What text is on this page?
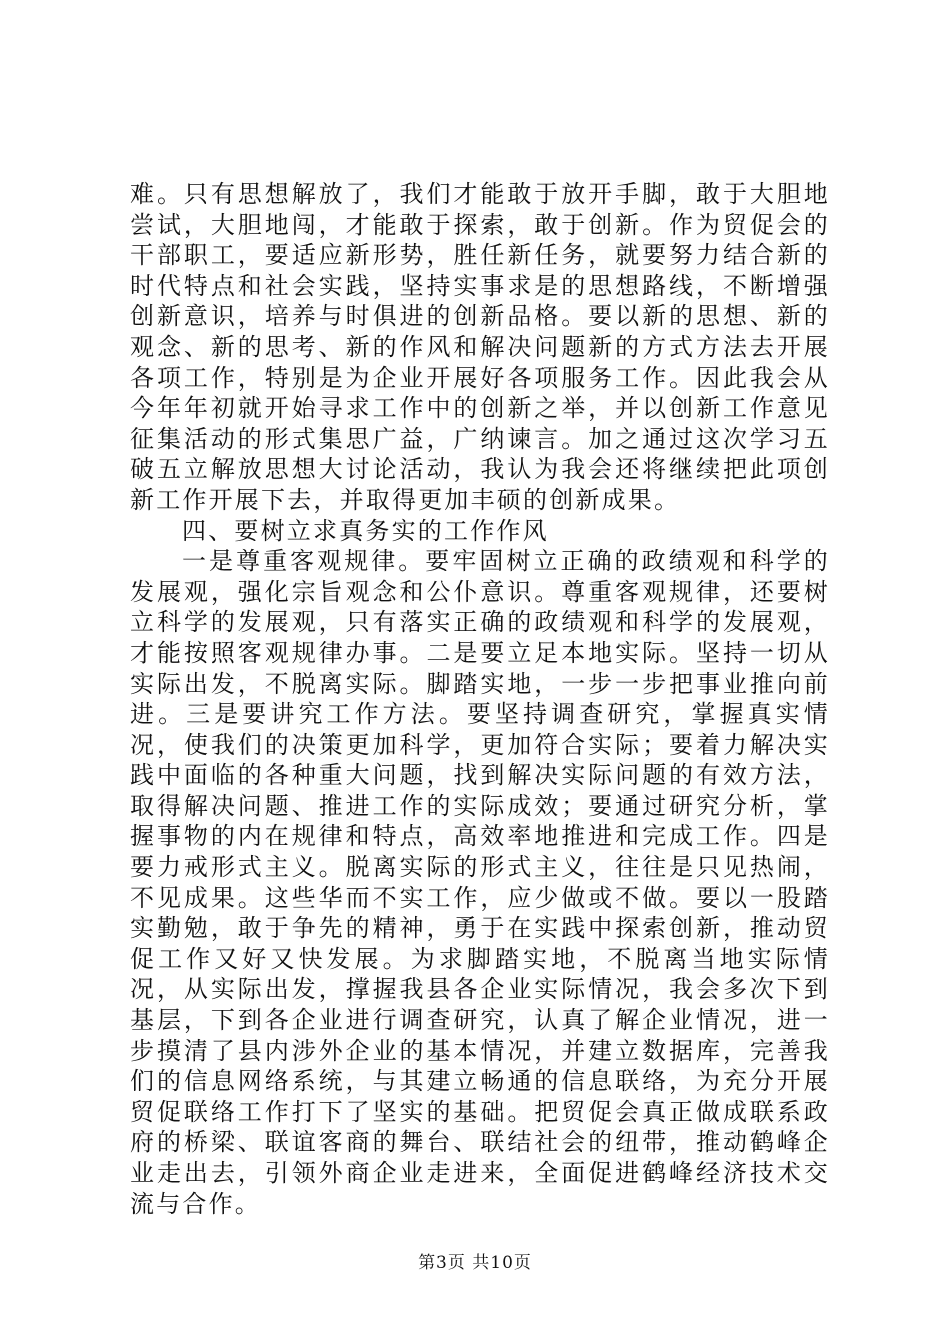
难。只有思想解放了，我们才能敢于放开手脚，敢于大胆地尝试，大胆地闯，才能敢于探索，敢于创新。作为贸促会的干部职工，要适应新形势，胜任新任务，就要努力结合新的时代特点和社会实践，坚持实事求是的思想路线，不断增强创新意识，培养与时俱进的创新品格。要以新的思想、新的观念、新的思考、新的作风和解决问题新的方式方法去开展各项工作，特别是为企业开展好各项服务工作。因此我会从今年年初就开始寻求工作中的创新之举，并以创新工作意见征集活动的形式集思广益，广纳谏言。加之通过这次学习五破五立解放思想大讨论活动，我认为我会还将继续把此项创新工作开展下去，并取得更加丰硕的创新成果。

四、要树立求真务实的工作作风

一是尊重客观规律。要牢固树立正确的政绩观和科学的发展观，强化宗旨观念和公仆意识。尊重客观规律，还要树立科学的发展观，只有落实正确的政绩观和科学的发展观，才能按照客观规律办事。二是要立足本地实际。坚持一切从实际出发，不脱离实际。脚踏实地，一步一步把事业推向前进。三是要讲究工作方法。要坚持调查研究，掌握真实情况，使我们的决策更加科学，更加符合实际；要着力解决实践中面临的各种重大问题，找到解决实际问题的有效方法，取得解决问题、推进工作的实际成效；要通过研究分析，掌握事物的内在规律和特点，高效率地推进和完成工作。四是要力戒形式主义。脱离实际的形式主义，往往是只见热闹，不见成果。这些华而不实工作，应少做或不做。要以一股踏实勤勉，敢于争先的精神，勇于在实践中探索创新，推动贸促工作又好又快发展。为求脚踏实地，不脱离当地实际情况，从实际出发，撑握我县各企业实际情况，我会多次下到基层，下到各企业进行调查研究，认真了解企业情况，进一步摸清了县内涉外企业的基本情况，并建立数据库，完善我们的信息网络系统，与其建立畅通的信息联络，为充分开展贸促联络工作打下了坚实的基础。把贸促会真正做成联系政府的桥梁、联谊客商的舞台、联结社会的纽带，推动鹤峰企业走出去，引领外商企业走进来，全面促进鹤峰经济技术交流与合作。

第3页 共10页
